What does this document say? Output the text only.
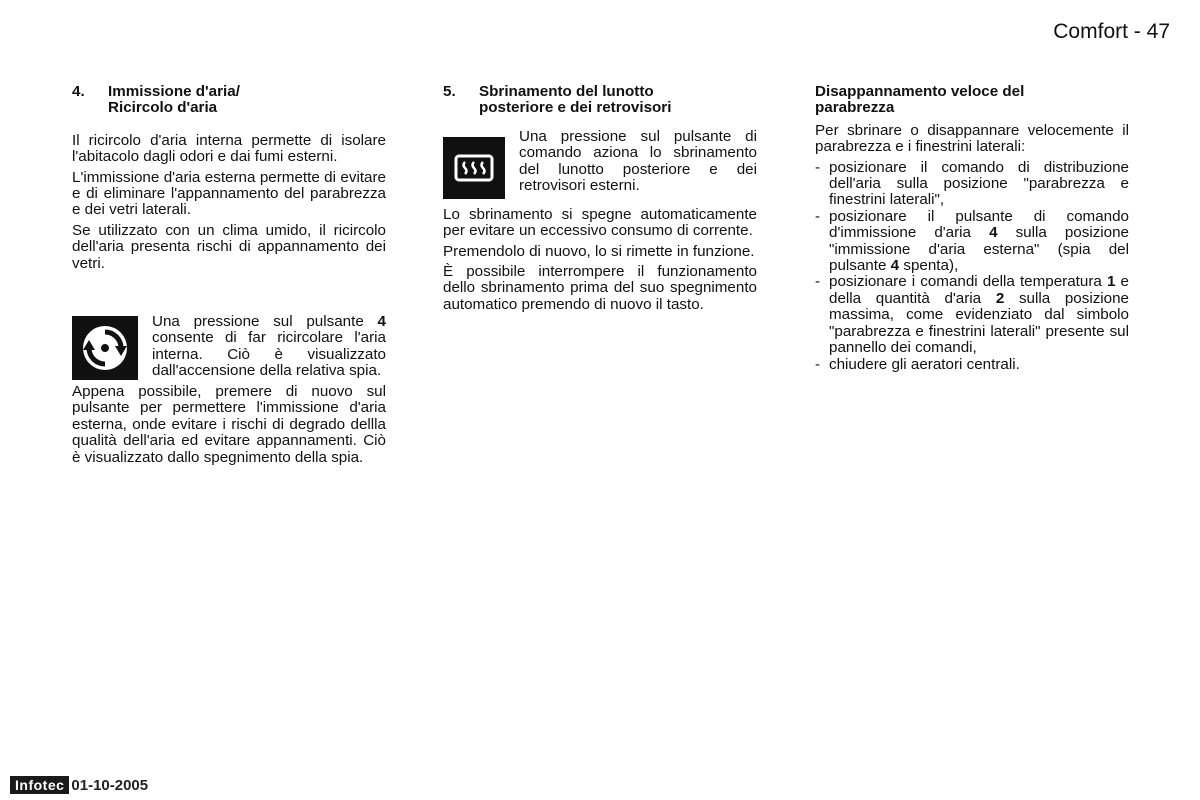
Comfort - 47
4.	Immissione d'aria/
Ricircolo d'aria

Il ricircolo d'aria interna permette di isolare l'abitacolo dagli odori e dai fumi esterni.

L'immissione d'aria esterna permette di evitare e di eliminare l'appannamento del parabrezza e dei vetri laterali.

Se utilizzato con un clima umido, il ricircolo dell'aria presenta rischi di appannamento dei vetri.

Una pressione sul pulsante 4 consente di far ricircolare l'aria interna. Ciò è visualizzato dall'accensione della relativa spia.

Appena possibile, premere di nuovo sul pulsante per permettere l'immissione d'aria esterna, onde evitare i rischi di degrado dellla qualità dell'aria ed evitare appannamenti. Ciò è visualizzato dallo spegnimento della spia.

5.	Sbrinamento del lunotto
posteriore e dei retrovisori
Una pressione sul pulsante di comando aziona lo sbrinamento del lunotto posteriore e dei retrovisori esterni.

Lo sbrinamento si spegne automaticamente per evitare un eccessivo consumo di corrente.

Premendolo di nuovo, lo si rimette in funzione.

È possibile interrompere il funzionamento dello sbrinamento prima del suo spegnimento automatico premendo di nuovo il tasto.

Disappannamento veloce del
parabrezza

Per sbrinare o disappannare velocemente il parabrezza e i finestrini laterali:

- posizionare il comando di distribuzione dell'aria sulla posizione "parabrezza e finestrini laterali",
- posizionare il pulsante di comando d'immissione d'aria 4 sulla posizione "immissione d'aria esterna" (spia del pulsante 4 spenta),
- posizionare i comandi della temperatura 1 e della quantità d'aria 2 sulla posizione massima, come evidenziato dal simbolo "parabrezza e finestrini laterali" presente sul pannello dei comandi,
- chiudere gli aeratori centrali.
Infotec 01-10-2005
